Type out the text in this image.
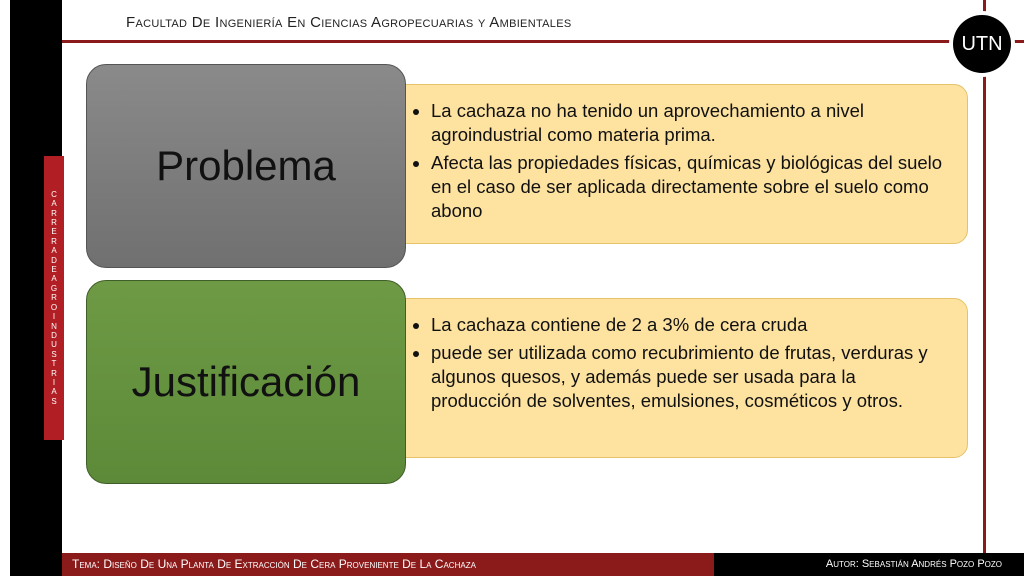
Facultad De Ingeniería En Ciencias Agropecuarias y Ambientales
UTN
C
A
R
R
E
R
A
D
E
A
G
R
O
I
N
D
U
S
T
R
I
A
S
• La cachaza no ha tenido un aprovechamiento a nivel agroindustrial como materia prima.
• Afecta las propiedades físicas, químicas y biológicas del suelo en el caso de ser aplicada directamente sobre el suelo como abono
Problema
• La cachaza contiene de 2 a 3% de cera cruda
• puede ser utilizada como recubrimiento de frutas, verduras y algunos quesos, y además puede ser usada para la producción de solventes, emulsiones, cosméticos y otros.
Justificación
Tema: Diseño De Una Planta De Extracción De Cera Proveniente De La Cachaza	Autor: Sebastián Andrés Pozo Pozo
